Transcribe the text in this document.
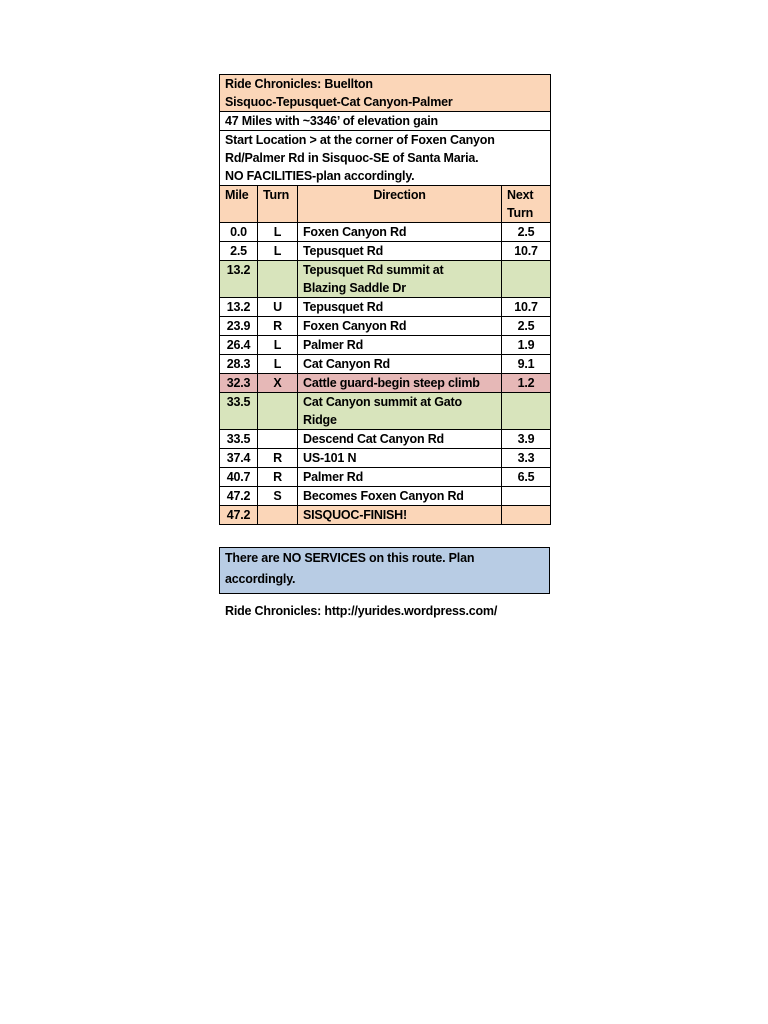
Ride Chronicles: Buellton
Sisquoc-Tepusquet-Cat Canyon-Palmer			

47 Miles with ~3346’ of elevation gain			

Start Location > at the corner of Foxen Canyon
Rd/Palmer Rd in Sisquoc-SE of Santa Maria.
NO FACILITIES-plan accordingly.			

Mile	Turn	Direction	Next
Turn

0.0	L	Foxen Canyon Rd	2.5
2.5	L	Tepusquet Rd	10.7
13.2		Tepusquet Rd summit at
Blazing Saddle Dr	

13.2	U	Tepusquet Rd	10.7
23.9	R	Foxen Canyon Rd	2.5
26.4	L	Palmer Rd	1.9
28.3	L	Cat Canyon Rd	9.1
32.3	X	Cattle guard-begin steep climb	1.2
33.5		Cat Canyon summit at Gato
Ridge	

33.5		Descend Cat Canyon Rd	3.9
37.4	R	US-101 N	3.3
40.7	R	Palmer Rd	6.5
47.2	S	Becomes Foxen Canyon Rd	
47.2		SISQUOC-FINISH!	
There are NO SERVICES on this route. Plan
accordingly.
Ride Chronicles: http://yurides.wordpress.com/
